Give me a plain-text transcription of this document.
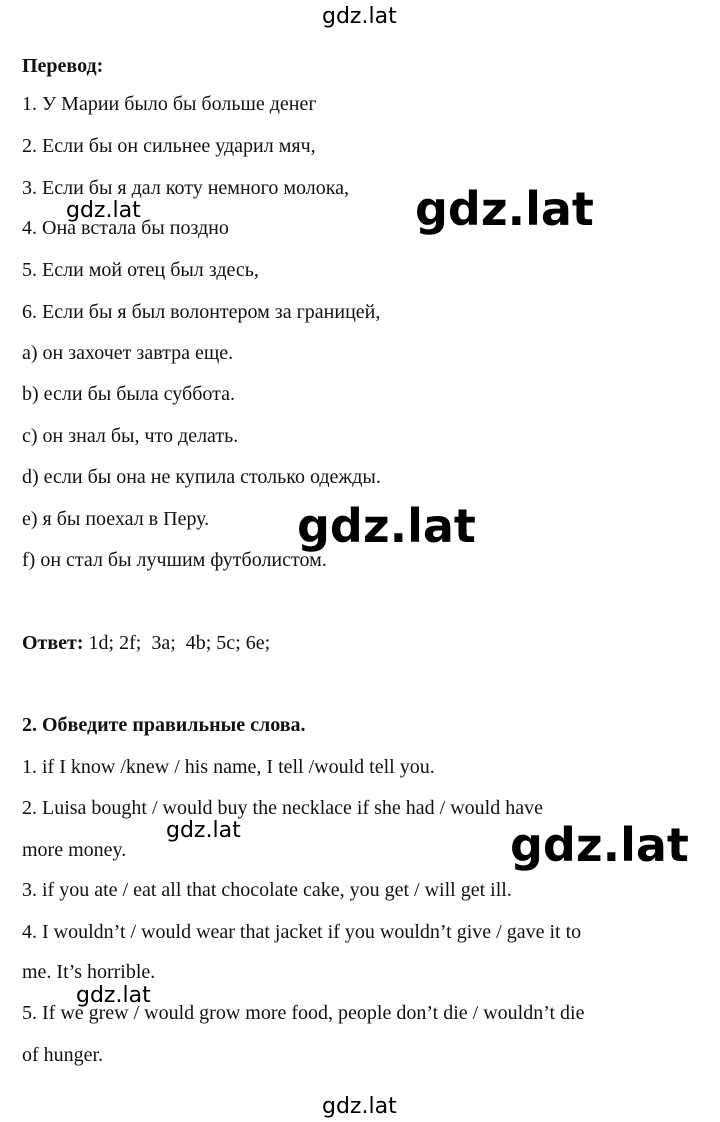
gdz.lat
gdz.lat
gdz.lat
gdz.lat
gdz.lat	gdz.lat
gdz.lat
gdz.lat
Перевод:
1. У Марии было бы больше денег
2. Если бы он сильнее ударил мяч,
3. Если бы я дал коту немного молока,
4. Она встала бы поздно
5. Если мой отец был здесь,
6. Если бы я был волонтером за границей,
a) он захочет завтра еще.
b) если бы была суббота.
c) он знал бы, что делать.
d) если бы она не купила столько одежды.
e) я бы поехал в Перу.
f) он стал бы лучшим футболистом.
Ответ: 1d; 2f;  3a;  4b; 5c; 6e;
2. Обведите правильные слова.
1. if I know /knew / his name, I tell /would tell you.
2. Luisa bought / would buy the necklace if she had / would have
more money.
3. if you ate / eat all that chocolate cake, you get / will get ill.
4. I wouldn’t / would wear that jacket if you wouldn’t give / gave it to
me. It’s horrible.
5. If we grew / would grow more food, people don’t die / wouldn’t die
of hunger.
